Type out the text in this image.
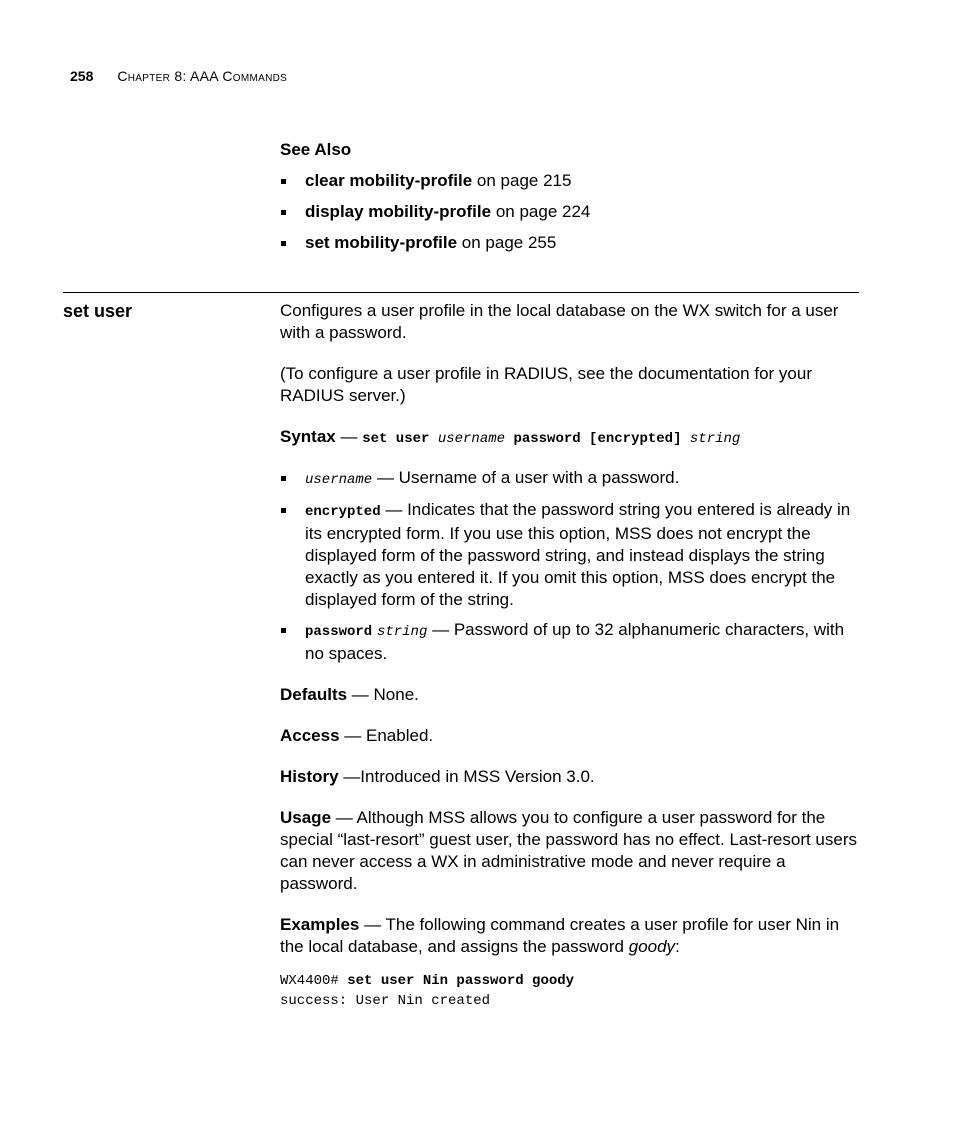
258 Chapter 8: AAA Commands
See Also
clear mobility-profile on page 215
display mobility-profile on page 224
set mobility-profile on page 255
set user	Configures a user profile in the local database on the WX switch for a user with a password.

(To configure a user profile in RADIUS, see the documentation for your RADIUS server.)

Syntax — set user username password [encrypted] string

username — Username of a user with a password.
encrypted — Indicates that the password string you entered is already in its encrypted form. If you use this option, MSS does not encrypt the displayed form of the password string, and instead displays the string exactly as you entered it. If you omit this option, MSS does encrypt the displayed form of the string.
password string — Password of up to 32 alphanumeric characters, with no spaces.

Defaults — None.

Access — Enabled.

History —Introduced in MSS Version 3.0.

Usage — Although MSS allows you to configure a user password for the special “last-resort” guest user, the password has no effect. Last-resort users can never access a WX in administrative mode and never require a password.

Examples — The following command creates a user profile for user Nin in the local database, and assigns the password goody:

WX4400# set user Nin password goody
success: User Nin created
